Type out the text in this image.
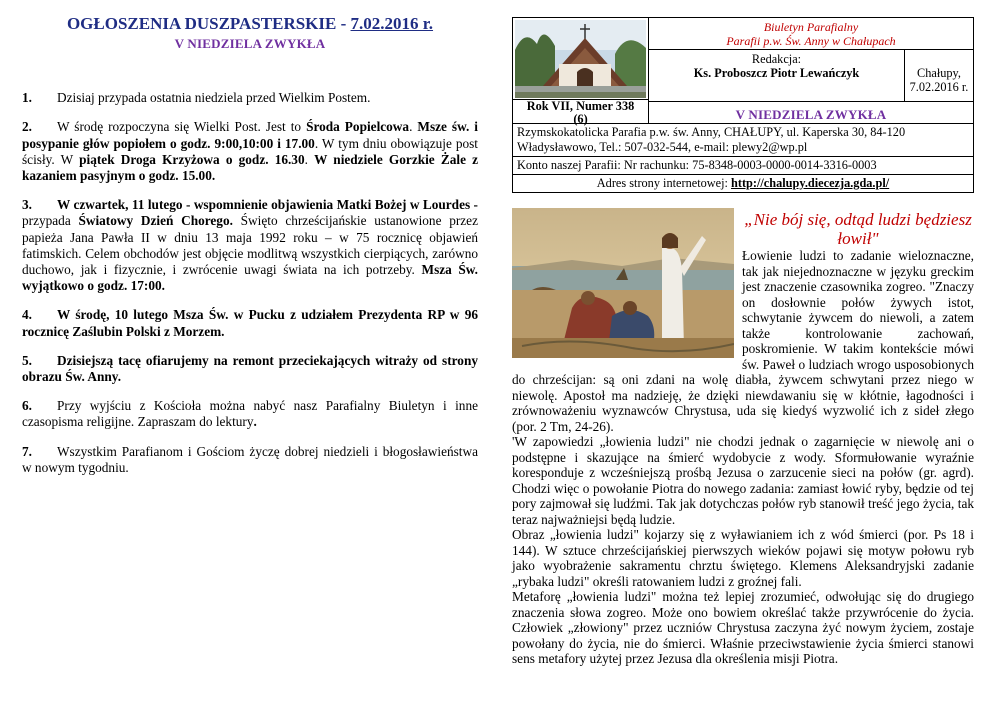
OGŁOSZENIA DUSZPASTERSKIE - 7.02.2016 r.
V NIEDZIELA ZWYKŁA
1. Dzisiaj przypada ostatnia niedziela przed Wielkim Postem.
2. W środę rozpoczyna się Wielki Post. Jest to Środa Popielcowa. Msze św. i posypanie głów popiołem o godz. 9:00,10:00 i 17.00. W tym dniu obowiązuje post ścisły. W piątek Droga Krzyżowa o godz. 16.30. W niedziele Gorzkie Żale z kazaniem pasyjnym o godz. 15.00.
3. W czwartek, 11 lutego - wspomnienie objawienia Matki Bożej w Lourdes - przypada Światowy Dzień Chorego. Święto chrześcijańskie ustanowione przez papieża Jana Pawła II w dniu 13 maja 1992 roku – w 75 rocznicę objawień fatimskich. Celem obchodów jest objęcie modlitwą wszystkich cierpiących, zarówno duchowo, jak i fizycznie, i zwrócenie uwagi świata na ich potrzeby. Msza Św. wyjątkowo o godz. 17:00.
4. W środę, 10 lutego Msza Św. w Pucku z udziałem Prezydenta RP w 96 rocznicę Zaślubin Polski z Morzem.
5. Dzisiejszą tacę ofiarujemy na remont przeciekających witraży od strony obrazu Św. Anny.
6. Przy wyjściu z Kościoła można nabyć nasz Parafialny Biuletyn i inne czasopisma religijne. Zapraszam do lektury.
7. Wszystkim Parafianom i Gościom życzę dobrej niedzieli i błogosławieństwa w nowym tygodniu.
Rok VII, Numer 338
(6)
Biuletyn Parafialny
Parafii p.w. Św. Anny w Chałupach
Redakcja:
Ks. Proboszcz Piotr Lewańczyk	Chałupy,
7.02.2016 r.
V NIEDZIELA ZWYKŁA
Rzymskokatolicka Parafia p.w. św. Anny, CHAŁUPY, ul. Kaperska 30, 84-120 Władysławowo, Tel.: 507-032-544, e-mail: plewy2@wp.pl
Konto naszej Parafii: Nr rachunku: 75-8348-0003-0000-0014-3316-0003
Adres strony internetowej: http://chalupy.diecezja.gda.pl/
„Nie bój się, odtąd ludzi będziesz łowił"

Łowienie ludzi to zadanie wieloznaczne, tak jak niejednoznaczne w języku greckim jest znaczenie czasownika zogreo. "Znaczy on dosłownie połów żywych istot, schwytanie żywcem do niewoli, a zatem także kontrolowanie zachowań, poskromienie. W takim kontekście mówi św. Paweł o ludziach wrogo usposobionych do chrześcijan: są oni zdani na wolę diabła, żywcem schwytani przez niego w niewolę. Apostoł ma nadzieję, że dzięki niewdawaniu się w kłótnie, łagodności i zrównoważeniu wyznawców Chrystusa, uda się kiedyś wyzwolić ich z sideł złego (por. 2 Tm, 24-26).

'W zapowiedzi „łowienia ludzi" nie chodzi jednak o zagarnięcie w niewolę ani o podstępne i skazujące na śmierć wydobycie z wody. Sformułowanie wyraźnie koresponduje z wcześniejszą prośbą Jezusa o zarzucenie sieci na połów (gr. agrd). Chodzi więc o powołanie Piotra do nowego zadania: zamiast łowić ryby, będzie od tej pory zajmował się ludźmi. Tak jak dotychczas połów ryb stanowił treść jego życia, tak teraz najważniejsi będą ludzie.

Obraz „łowienia ludzi" kojarzy się z wyławianiem ich z wód śmierci (por. Ps 18 i 144). W sztuce chrześcijańskiej pierwszych wieków pojawi się motyw połowu ryb jako wyobrażenie sakramentu chrztu świętego. Klemens Aleksandryjski zadanie „rybaka ludzi" określi ratowaniem ludzi z groźnej fali.

Metaforę „łowienia ludzi" można też lepiej zrozumieć, odwołując się do drugiego znaczenia słowa zogreo. Może ono bowiem określać także przywrócenie do życia. Człowiek „złowiony" przez uczniów Chrystusa zaczyna żyć nowym życiem, zostaje powołany do życia, nie do śmierci. Właśnie przeciwstawienie życia śmierci stanowi sens metafory użytej przez Jezusa dla określenia misji Piotra.
